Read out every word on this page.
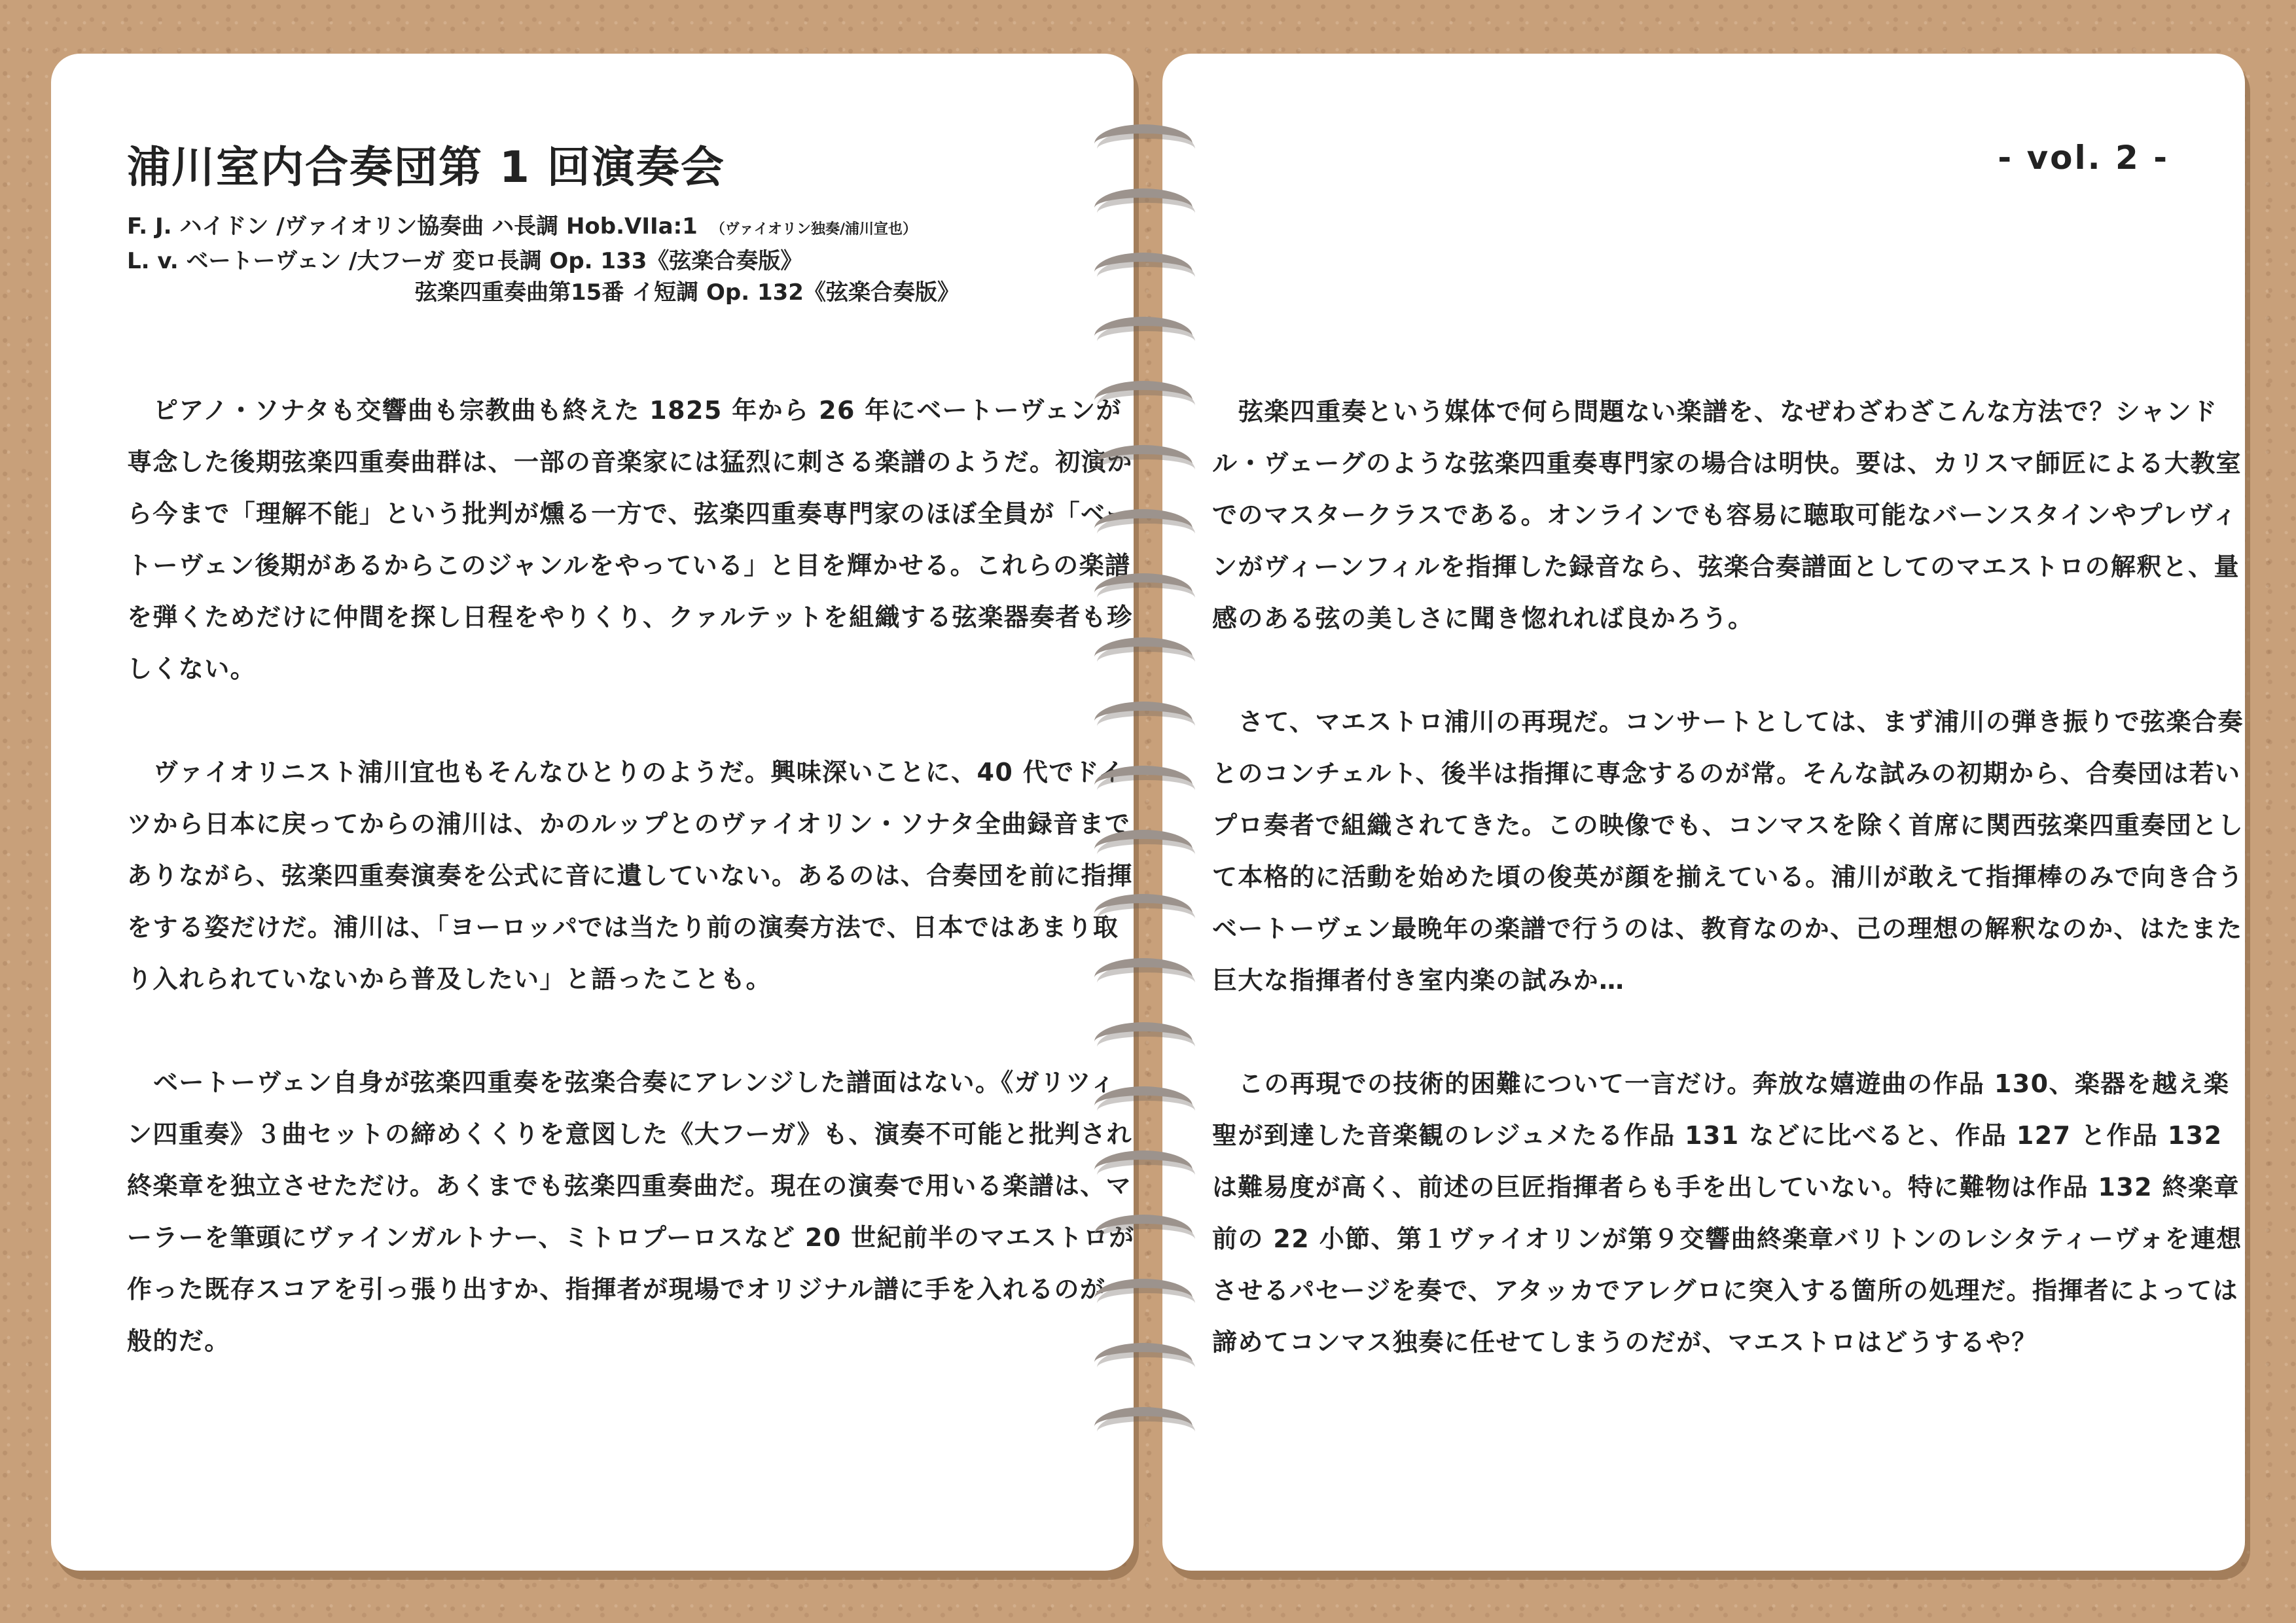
浦川室内合奏団第 1 回演奏会
F. J. ハイドン /ヴァイオリン協奏曲 ハ長調 Hob.VIIa:1 （ヴァイオリン独奏/浦川宣也）
L. v. ベートーヴェン /大フーガ 変ロ長調 Op. 133《弦楽合奏版》
弦楽四重奏曲第15番 イ短調 Op. 132《弦楽合奏版》

ピアノ・ソナタも交響曲も宗教曲も終えた 1825 年から 26 年にベートーヴェンが専念した後期弦楽四重奏曲群は、一部の音楽家には猛烈に刺さる楽譜のようだ。初演から今まで「理解不能」という批判が燻る一方で、弦楽四重奏専門家のほぼ全員が「ベートーヴェン後期があるからこのジャンルをやっている」と目を輝かせる。これらの楽譜を弾くためだけに仲間を探し日程をやりくり、クァルテットを組織する弦楽器奏者も珍しくない。

ヴァイオリニスト浦川宜也もそんなひとりのようだ。興味深いことに、40 代でドイツから日本に戻ってからの浦川は、かのルップとのヴァイオリン・ソナタ全曲録音までありながら、弦楽四重奏演奏を公式に音に遺していない。あるのは、合奏団を前に指揮をする姿だけだ。浦川は、「ヨーロッパでは当たり前の演奏方法で、日本ではあまり取り入れられていないから普及したい」と語ったことも。

ベートーヴェン自身が弦楽四重奏を弦楽合奏にアレンジした譜面はない。《ガリツィン四重奏》３曲セットの締めくくりを意図した《大フーガ》も、演奏不可能と批判され終楽章を独立させただけ。あくまでも弦楽四重奏曲だ。現在の演奏で用いる楽譜は、マーラーを筆頭にヴァインガルトナー、ミトロプーロスなど 20 世紀前半のマエストロが作った既存スコアを引っ張り出すか、指揮者が現場でオリジナル譜に手を入れるのが一般的だ。

- vol. 2 -

弦楽四重奏という媒体で何ら問題ない楽譜を、なぜわざわざこんな方法で？シャンドル・ヴェーグのような弦楽四重奏専門家の場合は明快。要は、カリスマ師匠による大教室でのマスタークラスである。オンラインでも容易に聴取可能なバーンスタインやプレヴィンがヴィーンフィルを指揮した録音なら、弦楽合奏譜面としてのマエストロの解釈と、量感のある弦の美しさに聞き惚れれば良かろう。

さて、マエストロ浦川の再現だ。コンサートとしては、まず浦川の弾き振りで弦楽合奏とのコンチェルト、後半は指揮に専念するのが常。そんな試みの初期から、合奏団は若いプロ奏者で組織されてきた。この映像でも、コンマスを除く首席に関西弦楽四重奏団として本格的に活動を始めた頃の俊英が顔を揃えている。浦川が敢えて指揮棒のみで向き合うベートーヴェン最晩年の楽譜で行うのは、教育なのか、己の理想の解釈なのか、はたまた巨大な指揮者付き室内楽の試みか…

この再現での技術的困難について一言だけ。奔放な嬉遊曲の作品 130、楽器を越え楽聖が到達した音楽観のレジュメたる作品 131 などに比べると、作品 127 と作品 132 は難易度が高く、前述の巨匠指揮者らも手を出していない。特に難物は作品 132 終楽章前の 22 小節、第１ヴァイオリンが第９交響曲終楽章バリトンのレシタティーヴォを連想させるパセージを奏で、アタッカでアレグロに突入する箇所の処理だ。指揮者によっては諦めてコンマス独奏に任せてしまうのだが、マエストロはどうするや？
